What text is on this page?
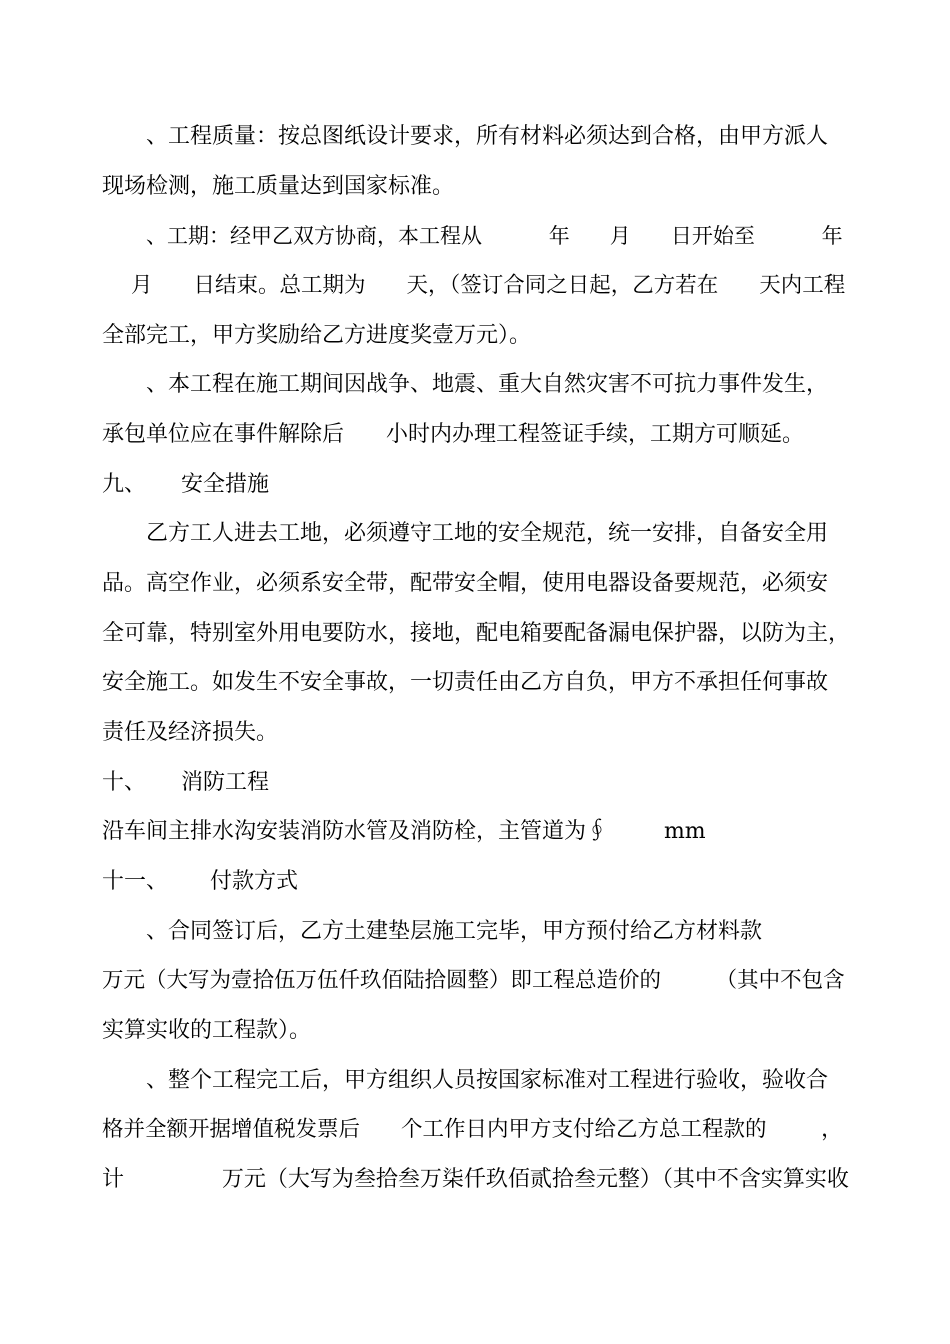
、工程质量：按总图纸设计要求，所有材料必须达到合格，由甲方派人

现场检测，施工质量达到国家标准。

、工期：经甲乙双方协商，本工程从          年      月      日开始至          年

月      日结束。总工期为      天，（签订合同之日起，乙方若在      天内工程

全部完工，甲方奖励给乙方进度奖壹万元）。

、本工程在施工期间因战争、地震、重大自然灾害不可抗力事件发生，

承包单位应在事件解除后      小时内办理工程签证手续，工期方可顺延。

九、     安全措施

乙方工人进去工地，必须遵守工地的安全规范，统一安排，自备安全用

品。高空作业，必须系安全带，配带安全帽，使用电器设备要规范，必须安

全可靠，特别室外用电要防水，接地，配电箱要配备漏电保护器，以防为主，

安全施工。如发生不安全事故，一切责任由乙方自负，甲方不承担任何事故

责任及经济损失。

十、     消防工程

沿车间主排水沟安装消防水管及消防栓，主管道为∮        mm

十一、      付款方式

、合同签订后，乙方土建垫层施工完毕，甲方预付给乙方材料款

万元（大写为壹拾伍万伍仟玖佰陆拾圆整）即工程总造价的        （其中不包含

实算实收的工程款）。

、整个工程完工后，甲方组织人员按国家标准对工程进行验收，验收合

格并全额开据增值税发票后      个工作日内甲方支付给乙方总工程款的        ，

计              万元（大写为叁拾叁万柒仟玖佰贰拾叁元整）（其中不含实算实收
